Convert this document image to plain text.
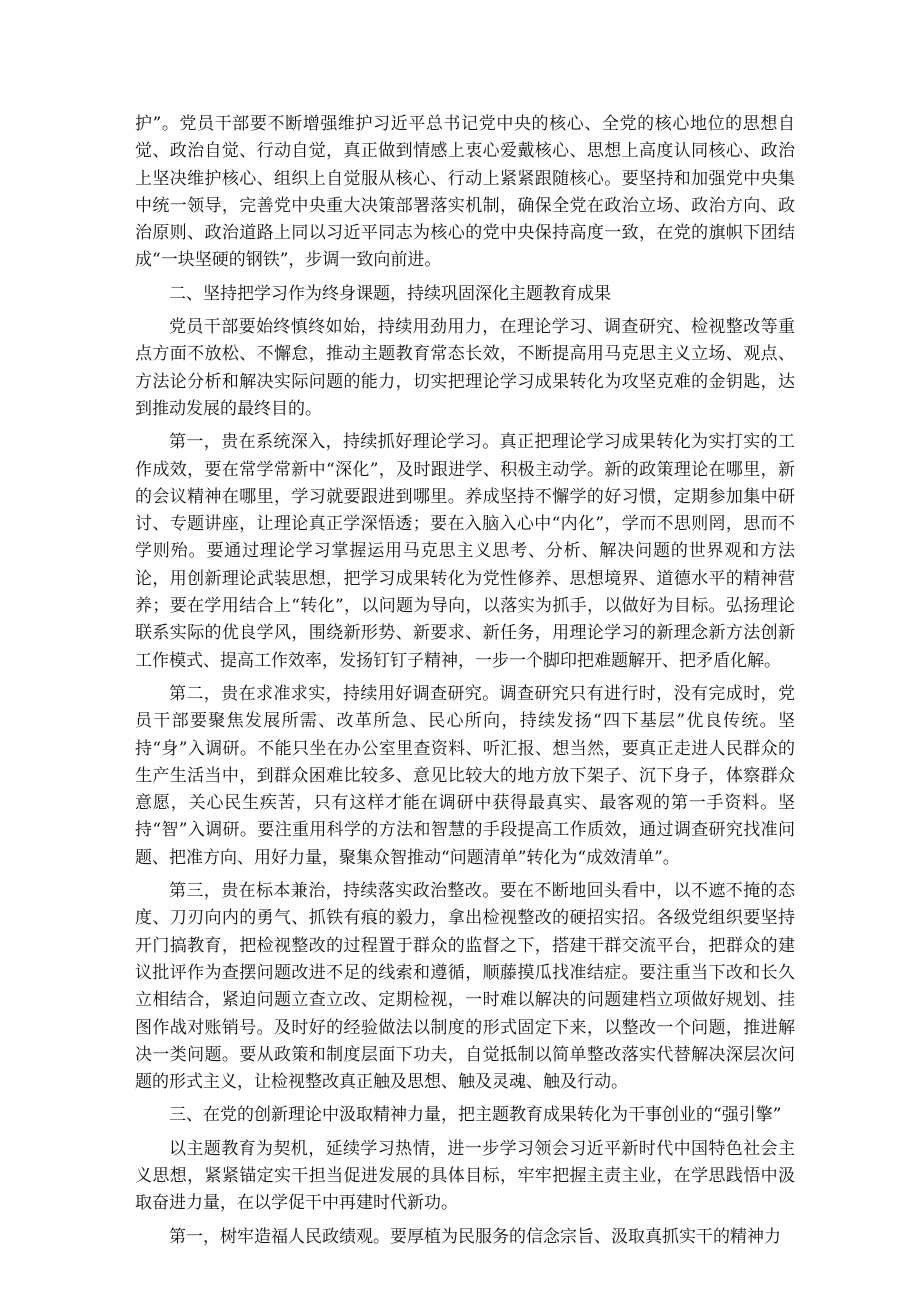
护”。党员干部要不断增强维护习近平总书记党中央的核心、全党的核心地位的思想自觉、政治自觉、行动自觉，真正做到情感上衷心爱戴核心、思想上高度认同核心、政治上坚决维护核心、组织上自觉服从核心、行动上紧紧跟随核心。要坚持和加强党中央集中统一领导，完善党中央重大决策部署落实机制，确保全党在政治立场、政治方向、政治原则、政治道路上同以习近平同志为核心的党中央保持高度一致，在党的旗帜下团结成“一块坚硬的钢铁”，步调一致向前进。

二、坚持把学习作为终身课题，持续巩固深化主题教育成果

党员干部要始终慎终如始，持续用劲用力，在理论学习、调查研究、检视整改等重点方面不放松、不懈怠，推动主题教育常态长效，不断提高用马克思主义立场、观点、方法论分析和解决实际问题的能力，切实把理论学习成果转化为攻坚克难的金钥匙，达到推动发展的最终目的。

第一，贵在系统深入，持续抓好理论学习。真正把理论学习成果转化为实打实的工作成效，要在常学常新中“深化”，及时跟进学、积极主动学。新的政策理论在哪里，新的会议精神在哪里，学习就要跟进到哪里。养成坚持不懈学的好习惯，定期参加集中研讨、专题讲座，让理论真正学深悟透；要在入脑入心中“内化”，学而不思则罔，思而不学则殆。要通过理论学习掌握运用马克思主义思考、分析、解决问题的世界观和方法论，用创新理论武装思想，把学习成果转化为党性修养、思想境界、道德水平的精神营养；要在学用结合上“转化”，以问题为导向，以落实为抓手，以做好为目标。弘扬理论联系实际的优良学风，围绕新形势、新要求、新任务，用理论学习的新理念新方法创新工作模式、提高工作效率，发扬钉钉子精神，一步一个脚印把难题解开、把矛盾化解。

第二，贵在求准求实，持续用好调查研究。调查研究只有进行时，没有完成时，党员干部要聚焦发展所需、改革所急、民心所向，持续发扬“四下基层”优良传统。坚持“身”入调研。不能只坐在办公室里查资料、听汇报、想当然，要真正走进人民群众的生产生活当中，到群众困难比较多、意见比较大的地方放下架子、沉下身子，体察群众意愿，关心民生疾苦，只有这样才能在调研中获得最真实、最客观的第一手资料。坚持“智”入调研。要注重用科学的方法和智慧的手段提高工作质效，通过调查研究找准问题、把准方向、用好力量，聚集众智推动“问题清单”转化为“成效清单”。

第三，贵在标本兼治，持续落实政治整改。要在不断地回头看中，以不遮不掩的态度、刀刃向内的勇气、抓铁有痕的毅力，拿出检视整改的硬招实招。各级党组织要坚持开门搞教育，把检视整改的过程置于群众的监督之下，搭建干群交流平台，把群众的建议批评作为查摆问题改进不足的线索和遵循，顺藤摸瓜找准结症。要注重当下改和长久立相结合，紧迫问题立查立改、定期检视，一时难以解决的问题建档立项做好规划、挂图作战对账销号。及时好的经验做法以制度的形式固定下来，以整改一个问题，推进解决一类问题。要从政策和制度层面下功夫，自觉抵制以简单整改落实代替解决深层次问题的形式主义，让检视整改真正触及思想、触及灵魂、触及行动。

三、在党的创新理论中汲取精神力量，把主题教育成果转化为干事创业的“强引擎”

以主题教育为契机，延续学习热情，进一步学习领会习近平新时代中国特色社会主义思想，紧紧锚定实干担当促进发展的具体目标，牢牢把握主责主业，在学思践悟中汲取奋进力量，在以学促干中再建时代新功。

第一，树牢造福人民政绩观。要厚植为民服务的信念宗旨、汲取真抓实干的精神力
